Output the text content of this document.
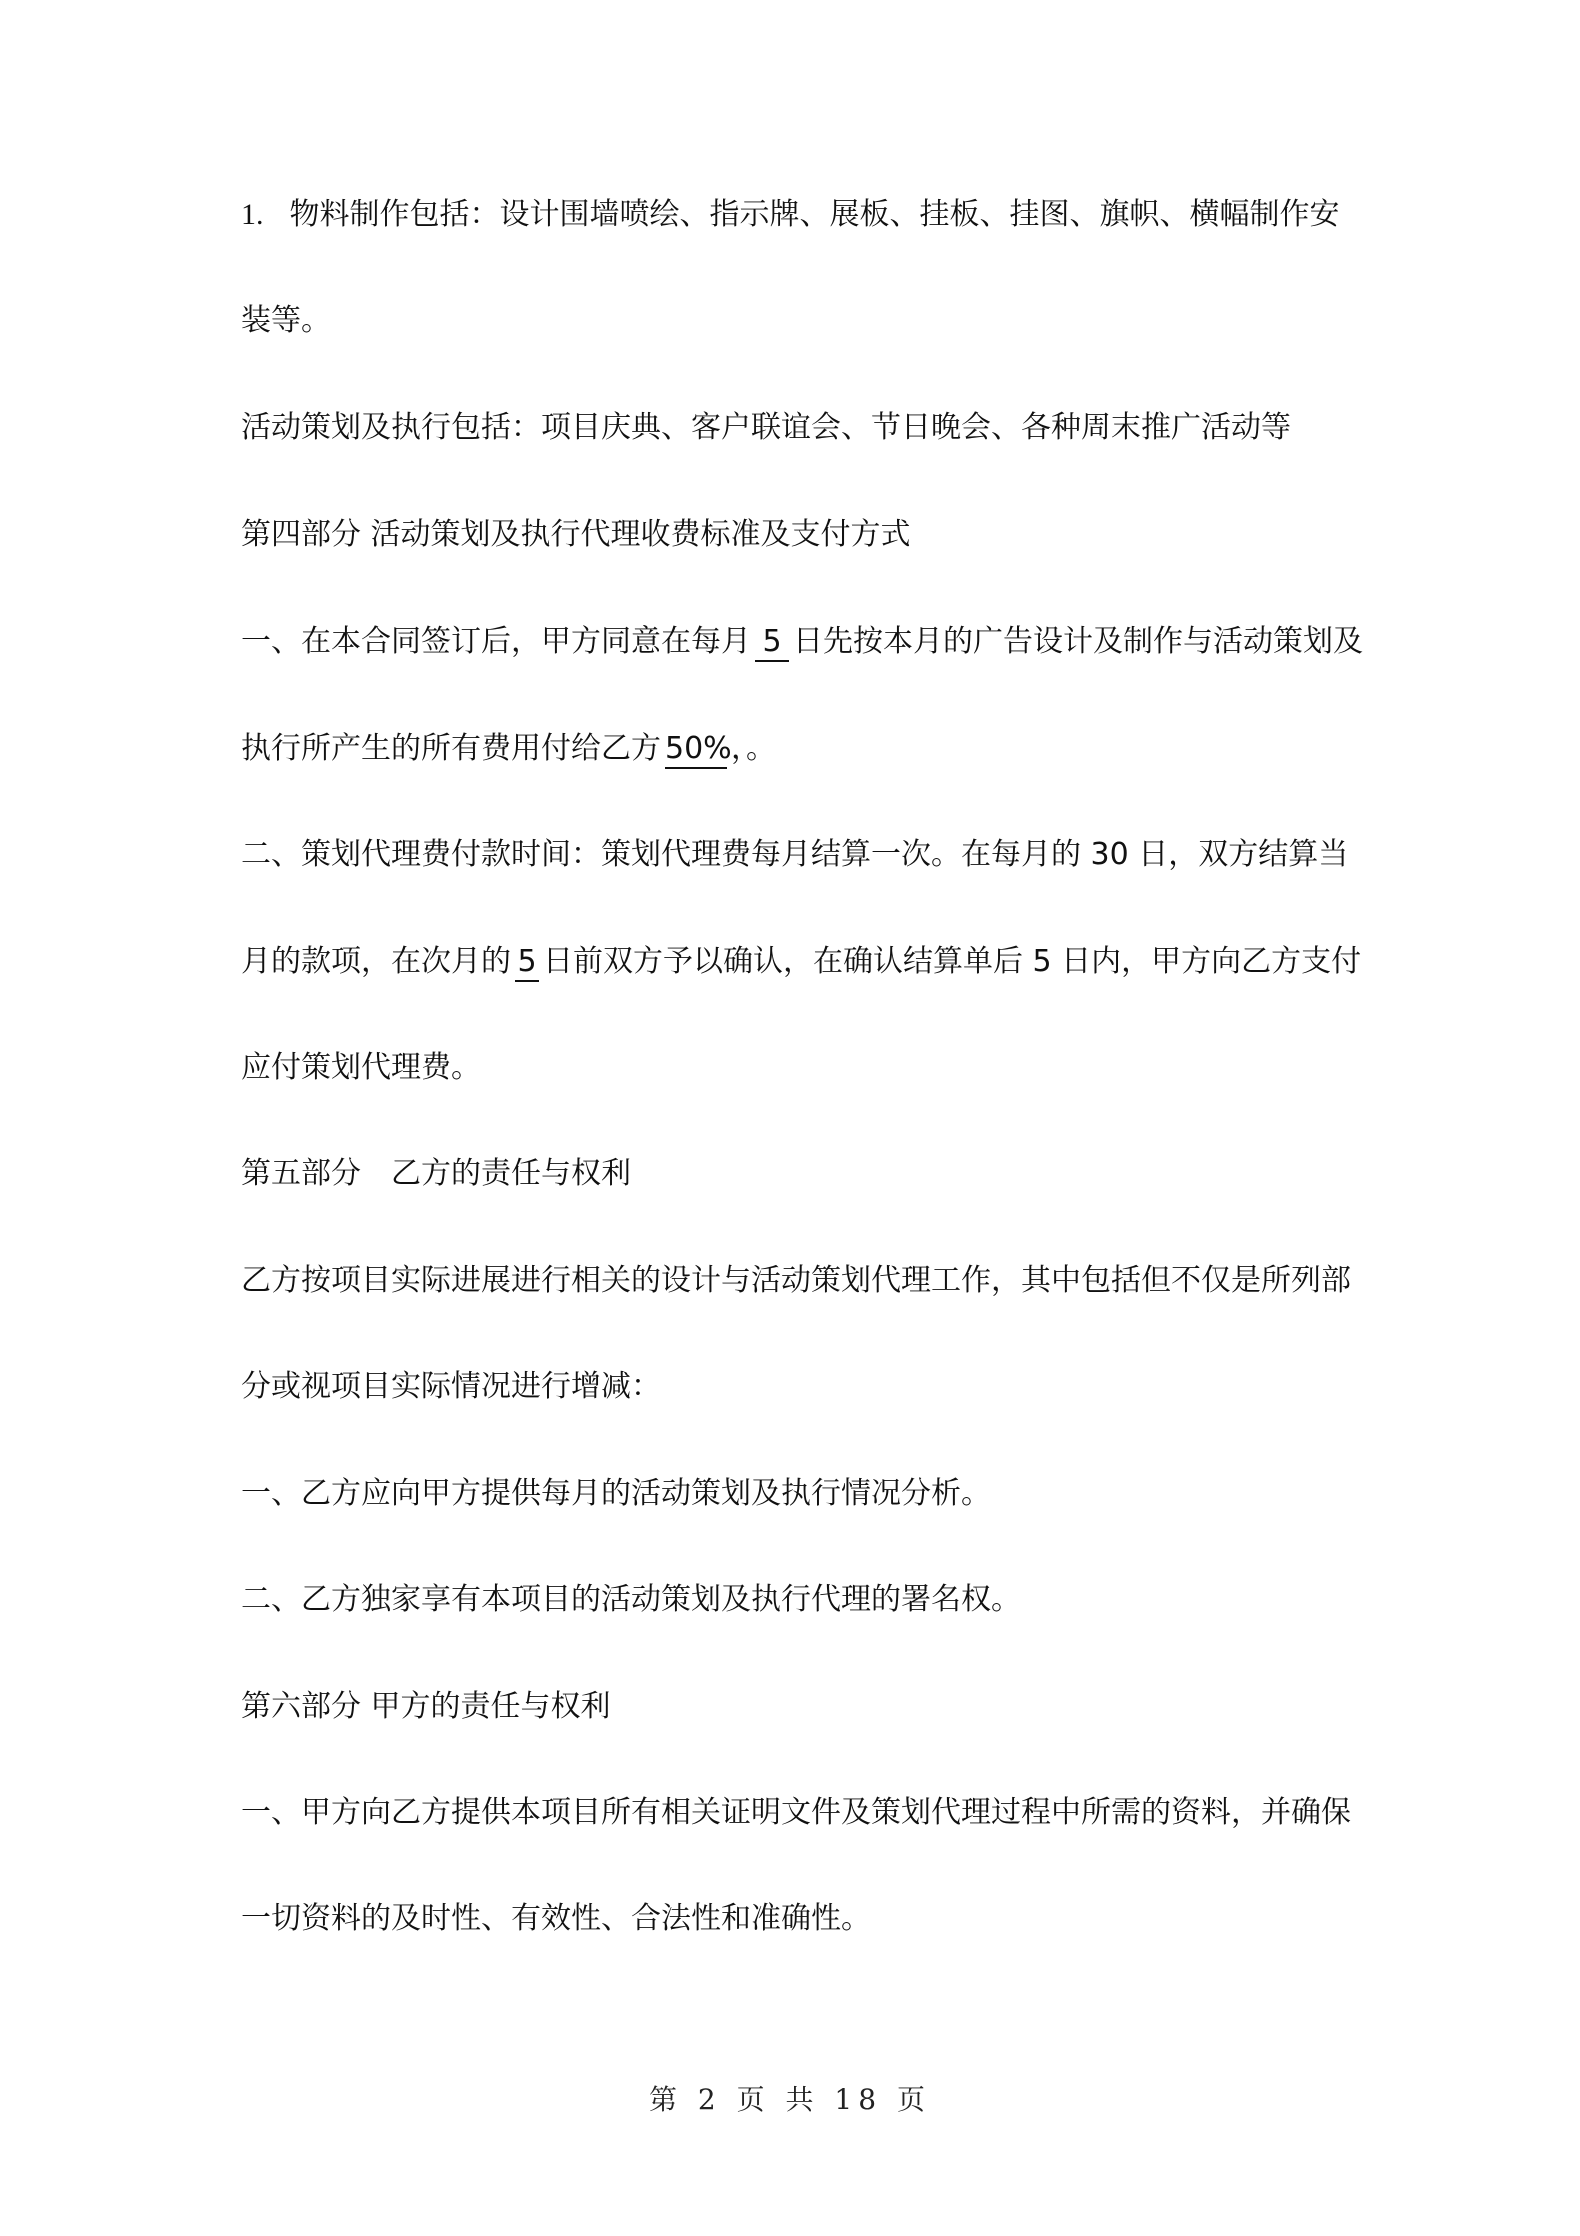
1. 物料制作包括：设计围墙喷绘、指示牌、展板、挂板、挂图、旗帜、横幅制作安
装等。
活动策划及执行包括：项目庆典、客户联谊会、节日晚会、各种周末推广活动等
第四部分 活动策划及执行代理收费标准及支付方式
一、在本合同签订后，甲方同意在每月 5 日先按本月的广告设计及制作与活动策划及
执行所产生的所有费用付给乙方 50%，。
二、策划代理费付款时间：策划代理费每月结算一次。在每月的 30 日，双方结算当
月的款项，在次月的 5 日前双方予以确认，在确认结算单后 5 日内，甲方向乙方支付
应付策划代理费。
第五部分　乙方的责任与权利
乙方按项目实际进展进行相关的设计与活动策划代理工作，其中包括但不仅是所列部
分或视项目实际情况进行增减：
一、乙方应向甲方提供每月的活动策划及执行情况分析。
二、乙方独家享有本项目的活动策划及执行代理的署名权。
第六部分 甲方的责任与权利
一、甲方向乙方提供本项目所有相关证明文件及策划代理过程中所需的资料，并确保
一切资料的及时性、有效性、合法性和准确性。
第 2 页 共 18 页
